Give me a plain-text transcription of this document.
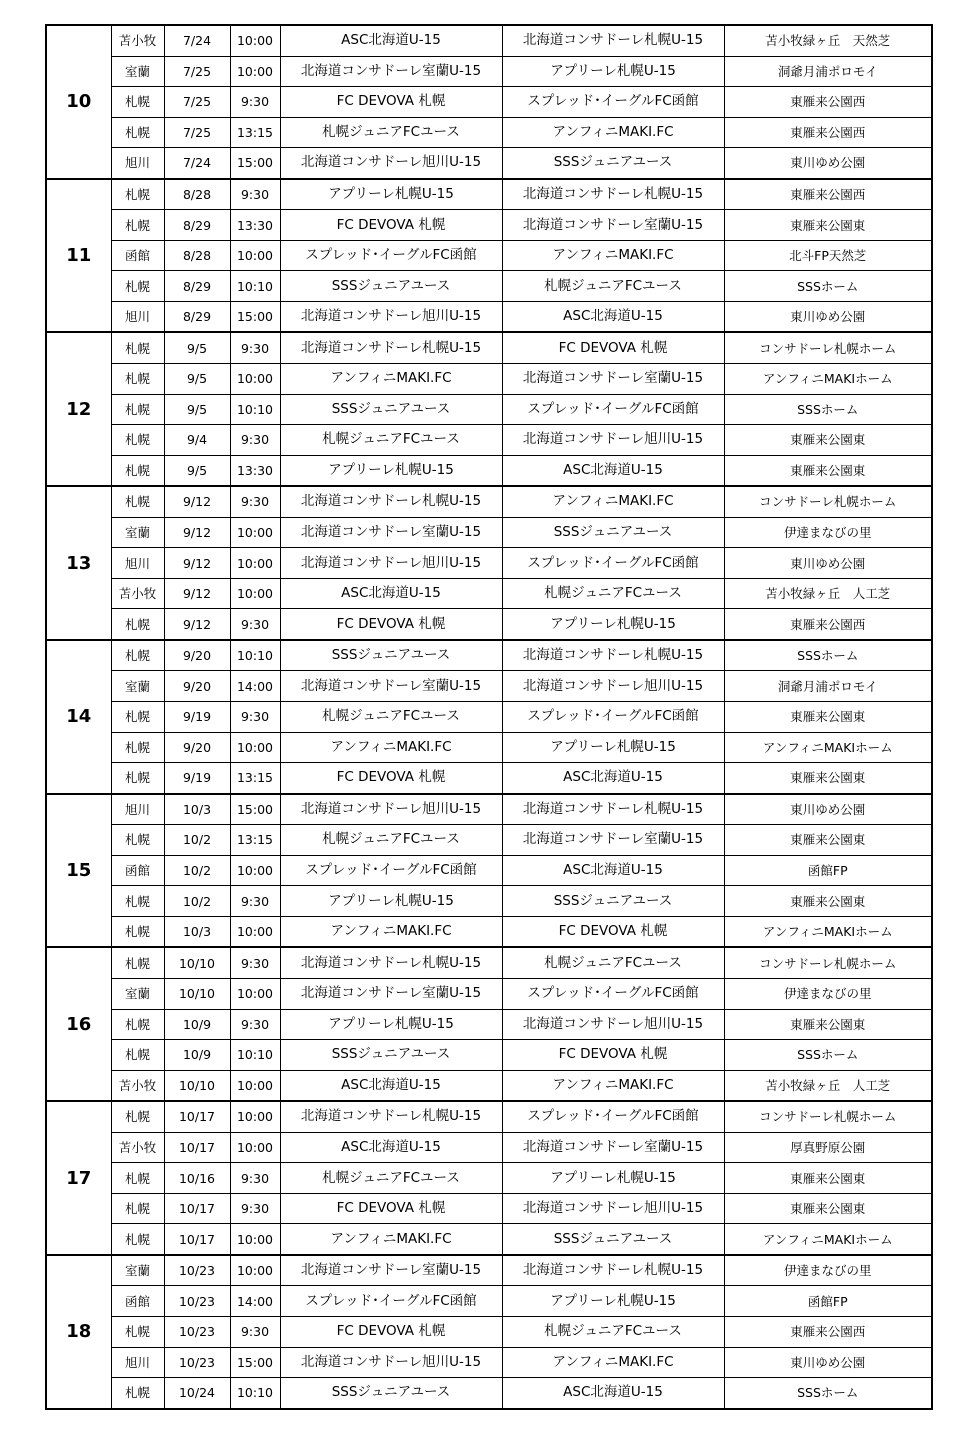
10	苫小牧	7/24	10:00	ASC北海道U-15	北海道コンサドーレ札幌U-15	苫小牧緑ヶ丘　天然芝
	室蘭	7/25	10:00	北海道コンサドーレ室蘭U-15	アプリーレ札幌U-15	洞爺月浦ポロモイ
	札幌	7/25	9:30	FC DEVOVA 札幌	スプレッド･イーグルFC函館	東雁来公園西
	札幌	7/25	13:15	札幌ジュニアFCユース	アンフィニMAKI.FC	東雁来公園西
	旭川	7/24	15:00	北海道コンサドーレ旭川U-15	SSSジュニアユース	東川ゆめ公園
11	札幌	8/28	9:30	アプリーレ札幌U-15	北海道コンサドーレ札幌U-15	東雁来公園西
	札幌	8/29	13:30	FC DEVOVA 札幌	北海道コンサドーレ室蘭U-15	東雁来公園東
	函館	8/28	10:00	スプレッド･イーグルFC函館	アンフィニMAKI.FC	北斗FP天然芝
	札幌	8/29	10:10	SSSジュニアユース	札幌ジュニアFCユース	SSSホーム
	旭川	8/29	15:00	北海道コンサドーレ旭川U-15	ASC北海道U-15	東川ゆめ公園
12	札幌	9/5	9:30	北海道コンサドーレ札幌U-15	FC DEVOVA 札幌	コンサドーレ札幌ホーム
	札幌	9/5	10:00	アンフィニMAKI.FC	北海道コンサドーレ室蘭U-15	アンフィニMAKIホーム
	札幌	9/5	10:10	SSSジュニアユース	スプレッド･イーグルFC函館	SSSホーム
	札幌	9/4	9:30	札幌ジュニアFCユース	北海道コンサドーレ旭川U-15	東雁来公園東
	札幌	9/5	13:30	アプリーレ札幌U-15	ASC北海道U-15	東雁来公園東
13	札幌	9/12	9:30	北海道コンサドーレ札幌U-15	アンフィニMAKI.FC	コンサドーレ札幌ホーム
	室蘭	9/12	10:00	北海道コンサドーレ室蘭U-15	SSSジュニアユース	伊達まなびの里
	旭川	9/12	10:00	北海道コンサドーレ旭川U-15	スプレッド･イーグルFC函館	東川ゆめ公園
	苫小牧	9/12	10:00	ASC北海道U-15	札幌ジュニアFCユース	苫小牧緑ヶ丘　人工芝
	札幌	9/12	9:30	FC DEVOVA 札幌	アプリーレ札幌U-15	東雁来公園西
14	札幌	9/20	10:10	SSSジュニアユース	北海道コンサドーレ札幌U-15	SSSホーム
	室蘭	9/20	14:00	北海道コンサドーレ室蘭U-15	北海道コンサドーレ旭川U-15	洞爺月浦ポロモイ
	札幌	9/19	9:30	札幌ジュニアFCユース	スプレッド･イーグルFC函館	東雁来公園東
	札幌	9/20	10:00	アンフィニMAKI.FC	アプリーレ札幌U-15	アンフィニMAKIホーム
	札幌	9/19	13:15	FC DEVOVA 札幌	ASC北海道U-15	東雁来公園東
15	旭川	10/3	15:00	北海道コンサドーレ旭川U-15	北海道コンサドーレ札幌U-15	東川ゆめ公園
	札幌	10/2	13:15	札幌ジュニアFCユース	北海道コンサドーレ室蘭U-15	東雁来公園東
	函館	10/2	10:00	スプレッド･イーグルFC函館	ASC北海道U-15	函館FP
	札幌	10/2	9:30	アプリーレ札幌U-15	SSSジュニアユース	東雁来公園東
	札幌	10/3	10:00	アンフィニMAKI.FC	FC DEVOVA 札幌	アンフィニMAKIホーム
16	札幌	10/10	9:30	北海道コンサドーレ札幌U-15	札幌ジュニアFCユース	コンサドーレ札幌ホーム
	室蘭	10/10	10:00	北海道コンサドーレ室蘭U-15	スプレッド･イーグルFC函館	伊達まなびの里
	札幌	10/9	9:30	アプリーレ札幌U-15	北海道コンサドーレ旭川U-15	東雁来公園東
	札幌	10/9	10:10	SSSジュニアユース	FC DEVOVA 札幌	SSSホーム
	苫小牧	10/10	10:00	ASC北海道U-15	アンフィニMAKI.FC	苫小牧緑ヶ丘　人工芝
17	札幌	10/17	10:00	北海道コンサドーレ札幌U-15	スプレッド･イーグルFC函館	コンサドーレ札幌ホーム
	苫小牧	10/17	10:00	ASC北海道U-15	北海道コンサドーレ室蘭U-15	厚真野原公園
	札幌	10/16	9:30	札幌ジュニアFCユース	アプリーレ札幌U-15	東雁来公園東
	札幌	10/17	9:30	FC DEVOVA 札幌	北海道コンサドーレ旭川U-15	東雁来公園東
	札幌	10/17	10:00	アンフィニMAKI.FC	SSSジュニアユース	アンフィニMAKIホーム
18	室蘭	10/23	10:00	北海道コンサドーレ室蘭U-15	北海道コンサドーレ札幌U-15	伊達まなびの里
	函館	10/23	14:00	スプレッド･イーグルFC函館	アプリーレ札幌U-15	函館FP
	札幌	10/23	9:30	FC DEVOVA 札幌	札幌ジュニアFCユース	東雁来公園西
	旭川	10/23	15:00	北海道コンサドーレ旭川U-15	アンフィニMAKI.FC	東川ゆめ公園
	札幌	10/24	10:10	SSSジュニアユース	ASC北海道U-15	SSSホーム
